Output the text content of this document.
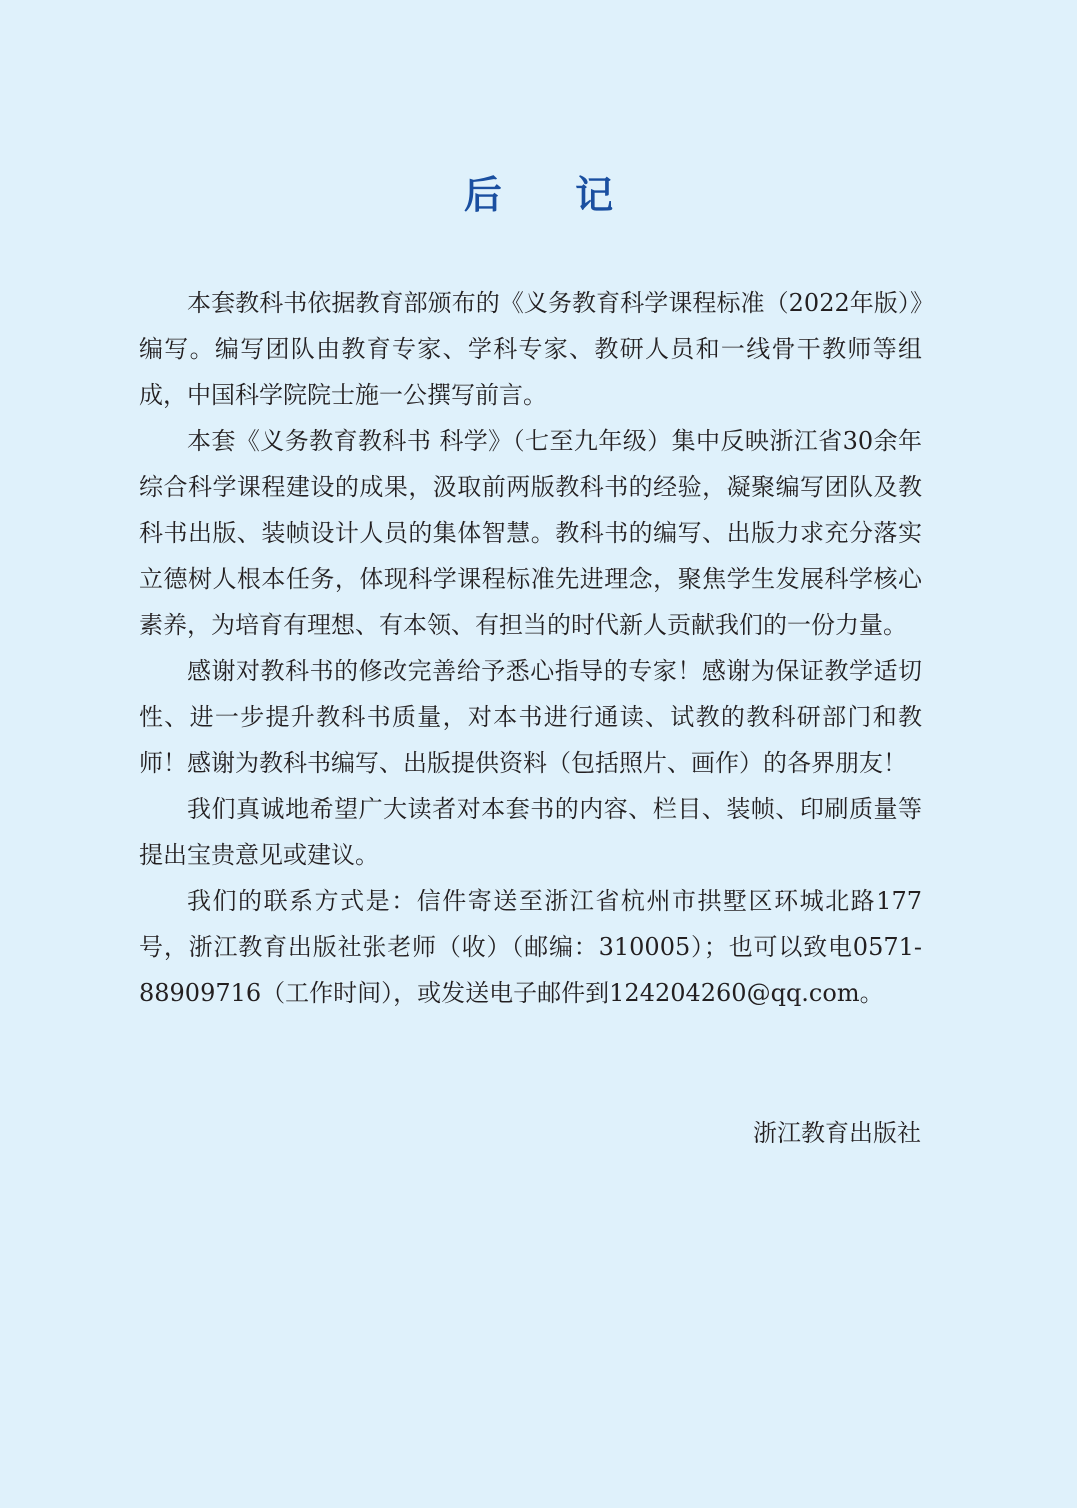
后 记

本套教科书依据教育部颁布的《义务教育科学课程标准（2022年版）》编写。编写团队由教育专家、学科专家、教研人员和一线骨干教师等组成，中国科学院院士施一公撰写前言。

本套《义务教育教科书 科学》（七至九年级）集中反映浙江省30余年综合科学课程建设的成果，汲取前两版教科书的经验，凝聚编写团队及教科书出版、装帧设计人员的集体智慧。教科书的编写、出版力求充分落实立德树人根本任务，体现科学课程标准先进理念，聚焦学生发展科学核心素养，为培育有理想、有本领、有担当的时代新人贡献我们的一份力量。

感谢对教科书的修改完善给予悉心指导的专家！感谢为保证教学适切性、进一步提升教科书质量，对本书进行通读、试教的教科研部门和教师！感谢为教科书编写、出版提供资料（包括照片、画作）的各界朋友！

我们真诚地希望广大读者对本套书的内容、栏目、装帧、印刷质量等提出宝贵意见或建议。

我们的联系方式是：信件寄送至浙江省杭州市拱墅区环城北路177号，浙江教育出版社张老师（收）（邮编：310005）；也可以致电0571-88909716（工作时间），或发送电子邮件到124204260@qq.com。

浙江教育出版社
